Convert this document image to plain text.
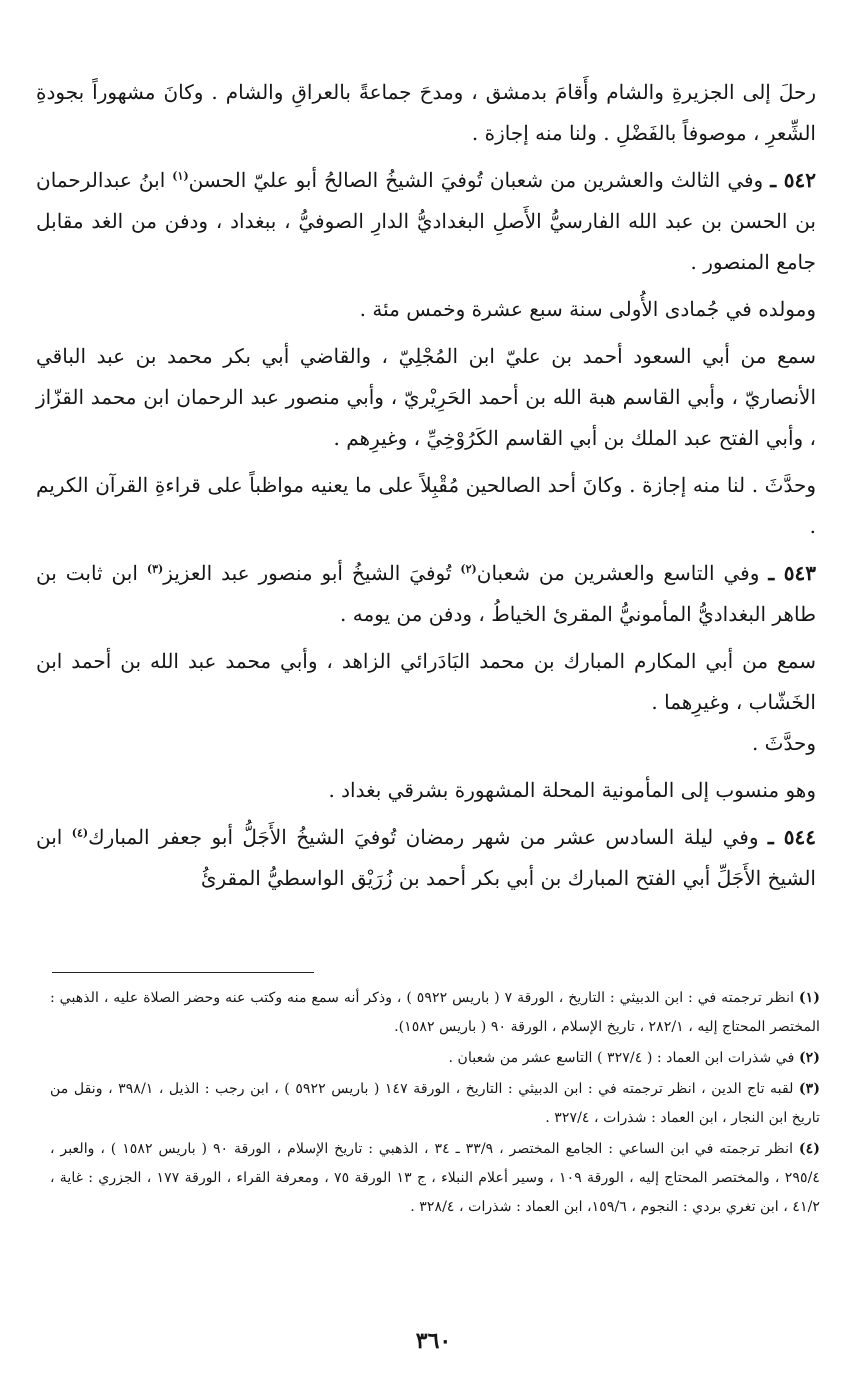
رحلَ إلى الجزيرةِ والشام وأَقامَ بدمشق ، ومدحَ جماعةً بالعراقِ والشام . وكانَ مشهوراً بجودةِ الشِّعرِ ، موصوفاً بالفَضْلِ . ولنا منه إجازة .

٥٤٢ ـ وفي الثالث والعشرين من شعبان تُوفيَ الشيخُ الصالحُ أبو عليّ الحسن$^{(١)}$ ابنُ عبدالرحمان بن الحسن بن عبد الله الفارسيُّ الأَصلِ البغداديُّ الدارِ الصوفيُّ ، ببغداد ، ودفن من الغد مقابل جامع المنصور .

ومولده في جُمادى الأُولى سنة سبع عشرة وخمس مئة .

سمع من أبي السعود أحمد بن عليّ ابن المُجْلِيّ ، والقاضي أبي بكر محمد بن عبد الباقي الأنصاريّ ، وأبي القاسم هبة الله بن أحمد الحَرِيْريّ ، وأبي منصور عبد الرحمان ابن محمد القزّاز ، وأبي الفتح عبد الملك بن أبي القاسم الكَرُوْخِيِّ ، وغيرِهم .

وحدَّثَ . لنا منه إجازة . وكانَ أحد الصالحين مُقْبِلاً على ما يعنيه مواظباً على قراءةِ القرآن الكريم .

٥٤٣ ـ وفي التاسع والعشرين من شعبان$^{(٢)}$ تُوفيَ الشيخُ أبو منصور عبد العزيز$^{(٣)}$ ابن ثابت بن طاهر البغداديُّ المأمونيُّ المقرئ الخياطُ ، ودفن من يومه .

سمع من أبي المكارم المبارك بن محمد البَادَرائي الزاهد ، وأبي محمد عبد الله بن أحمد ابن الخَشّاب ، وغيرِهما .

وحدَّثَ .

وهو منسوب إلى المأمونية المحلة المشهورة بشرقي بغداد .

٥٤٤ ـ وفي ليلة السادس عشر من شهر رمضان تُوفيَ الشيخُ الأَجَلُّ أبو جعفر المبارك$^{(٤)}$ ابن الشيخ الأَجَلِّ أبي الفتح المبارك بن أبي بكر أحمد بن زُرَيْق الواسطيُّ المقرئُ

(١) انظر ترجمته في : ابن الدبيثي : التاريخ ، الورقة ٧ ( باريس ٥٩٢٢ ) ، وذكر أنه سمع منه وكتب عنه وحضر الصلاة عليه ، الذهبي : المختصر المحتاج إليه ، ٢٨٢/١ ، تاريخ الإسلام ، الورقة ٩٠ ( باريس ١٥٨٢).

(٢) في شذرات ابن العماد : ( ٣٢٧/٤ ) التاسع عشر من شعبان .

(٣) لقبه تاج الدين ، انظر ترجمته في : ابن الدبيثي : التاريخ ، الورقة ١٤٧ ( باريس ٥٩٢٢ ) ، ابن رجب : الذيل ، ٣٩٨/١ ، ونقل من تاريخ ابن النجار ، ابن العماد : شذرات ، ٣٢٧/٤ .

(٤) انظر ترجمته في ابن الساعي : الجامع المختصر ، ٣٣/٩ ـ ٣٤ ، الذهبي : تاريخ الإسلام ، الورقة ٩٠ ( باريس ١٥٨٢ ) ، والعبر ، ٢٩٥/٤ ، والمختصر المحتاج إليه ، الورقة ١٠٩ ، وسير أعلام النبلاء ، ج ١٣ الورقة ٧٥ ، ومعرفة القراء ، الورقة ١٧٧ ، الجزري : غاية ، ٤١/٢ ، ابن تغري بردي : النجوم ، ١٥٩/٦، ابن العماد : شذرات ، ٣٢٨/٤ .

٣٦٠
